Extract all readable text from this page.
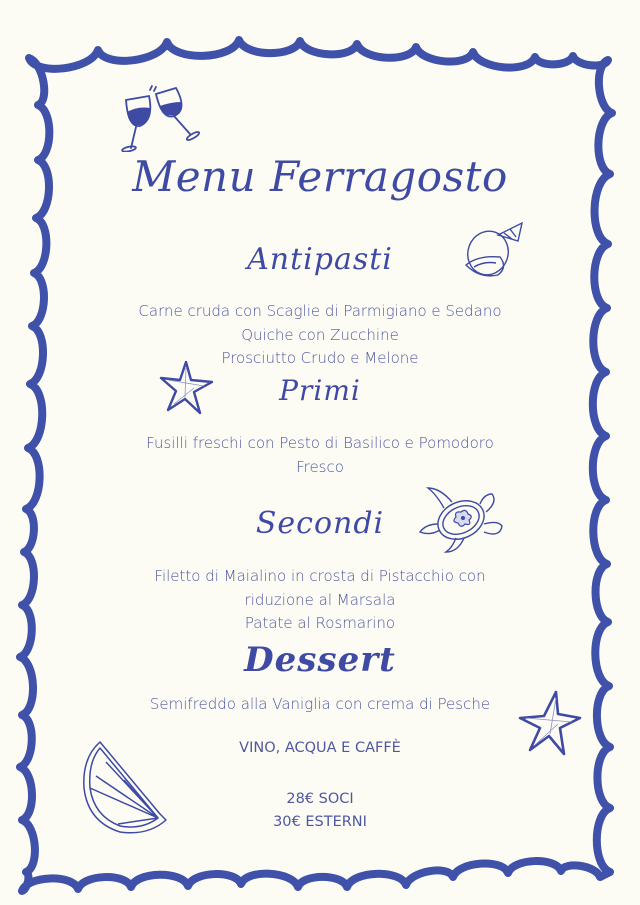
Menu Ferragosto
Antipasti
Carne cruda con Scaglie di Parmigiano e Sedano
Quiche con Zucchine
Prosciutto Crudo e Melone
Primi
Fusilli freschi con Pesto di Basilico e Pomodoro
Fresco
Secondi
Filetto di Maialino in crosta di Pistacchio con
riduzione al Marsala
Patate al Rosmarino
Dessert
Semifreddo alla Vaniglia con crema di Pesche
VINO, ACQUA E CAFFÈ
28€ SOCI
30€ ESTERNI
